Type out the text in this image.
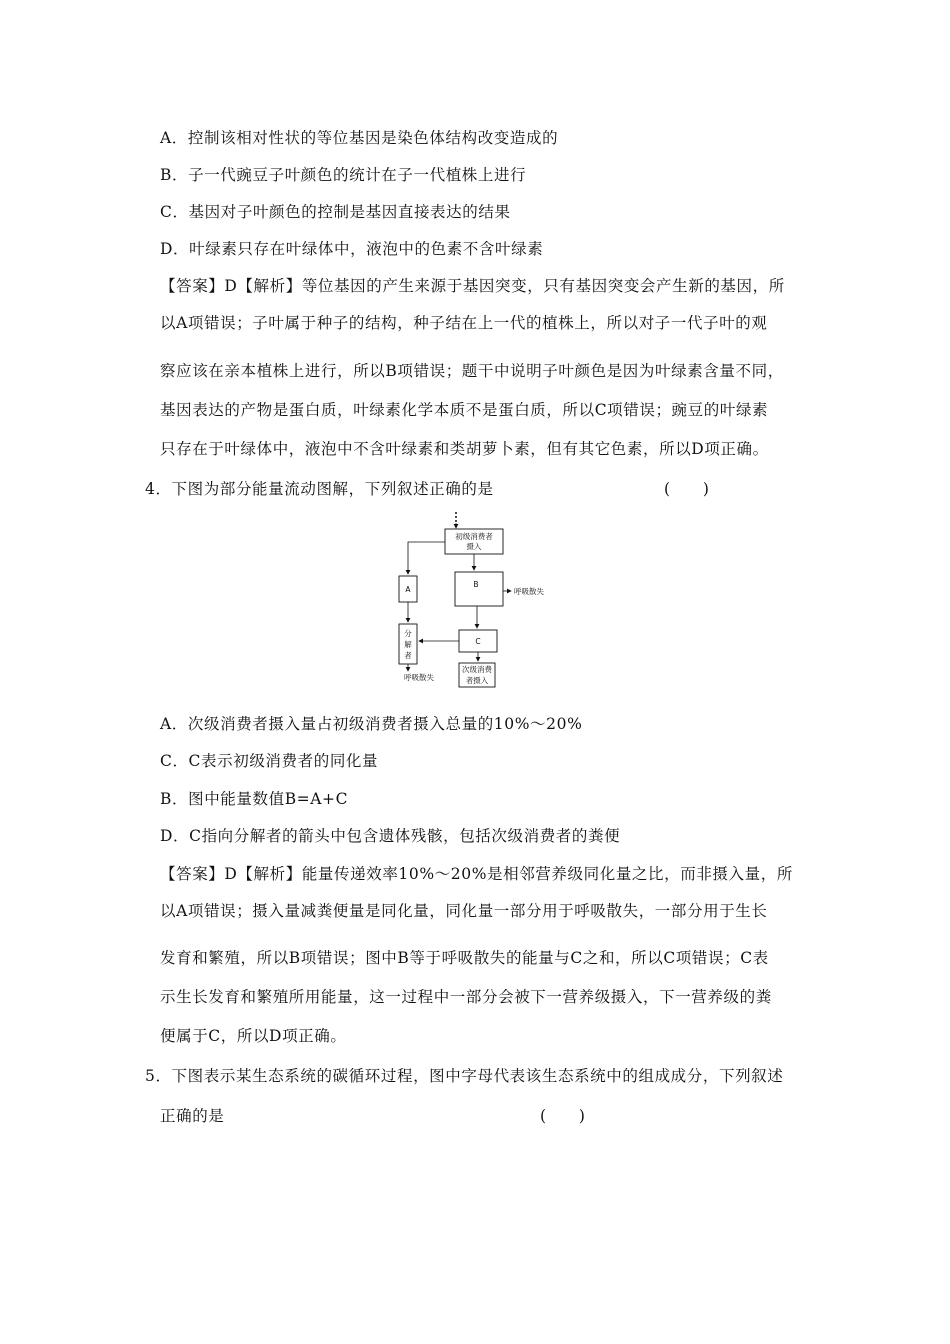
A．控制该相对性状的等位基因是染色体结构改变造成的
B．子一代豌豆子叶颜色的统计在子一代植株上进行
C．基因对子叶颜色的控制是基因直接表达的结果
D．叶绿素只存在叶绿体中，液泡中的色素不含叶绿素
【答案】D【解析】等位基因的产生来源于基因突变，只有基因突变会产生新的基因，所
以A项错误；子叶属于种子的结构，种子结在上一代的植株上，所以对子一代子叶的观
察应该在亲本植株上进行，所以B项错误；题干中说明子叶颜色是因为叶绿素含量不同，
基因表达的产物是蛋白质，叶绿素化学本质不是蛋白质，所以C项错误；豌豆的叶绿素
只存在于叶绿体中，液泡中不含叶绿素和类胡萝卜素，但有其它色素，所以D项正确。
4．下图为部分能量流动图解，下列叙述正确的是	(　　)
初级消费者
摄入
A
B
呼吸散失
分
解
者
C
呼吸散失
次级消费
者摄入
A．次级消费者摄入量占初级消费者摄入总量的10%～20%
C．C表示初级消费者的同化量
B．图中能量数值B=A+C
D．C指向分解者的箭头中包含遗体残骸，包括次级消费者的粪便
【答案】D【解析】能量传递效率10%～20%是相邻营养级同化量之比，而非摄入量，所
以A项错误；摄入量减粪便量是同化量，同化量一部分用于呼吸散失，一部分用于生长
发育和繁殖，所以B项错误；图中B等于呼吸散失的能量与C之和，所以C项错误；C表
示生长发育和繁殖所用能量，这一过程中一部分会被下一营养级摄入，下一营养级的粪
便属于C，所以D项正确。
5．下图表示某生态系统的碳循环过程，图中字母代表该生态系统中的组成成分，下列叙述
正确的是	(　　)
